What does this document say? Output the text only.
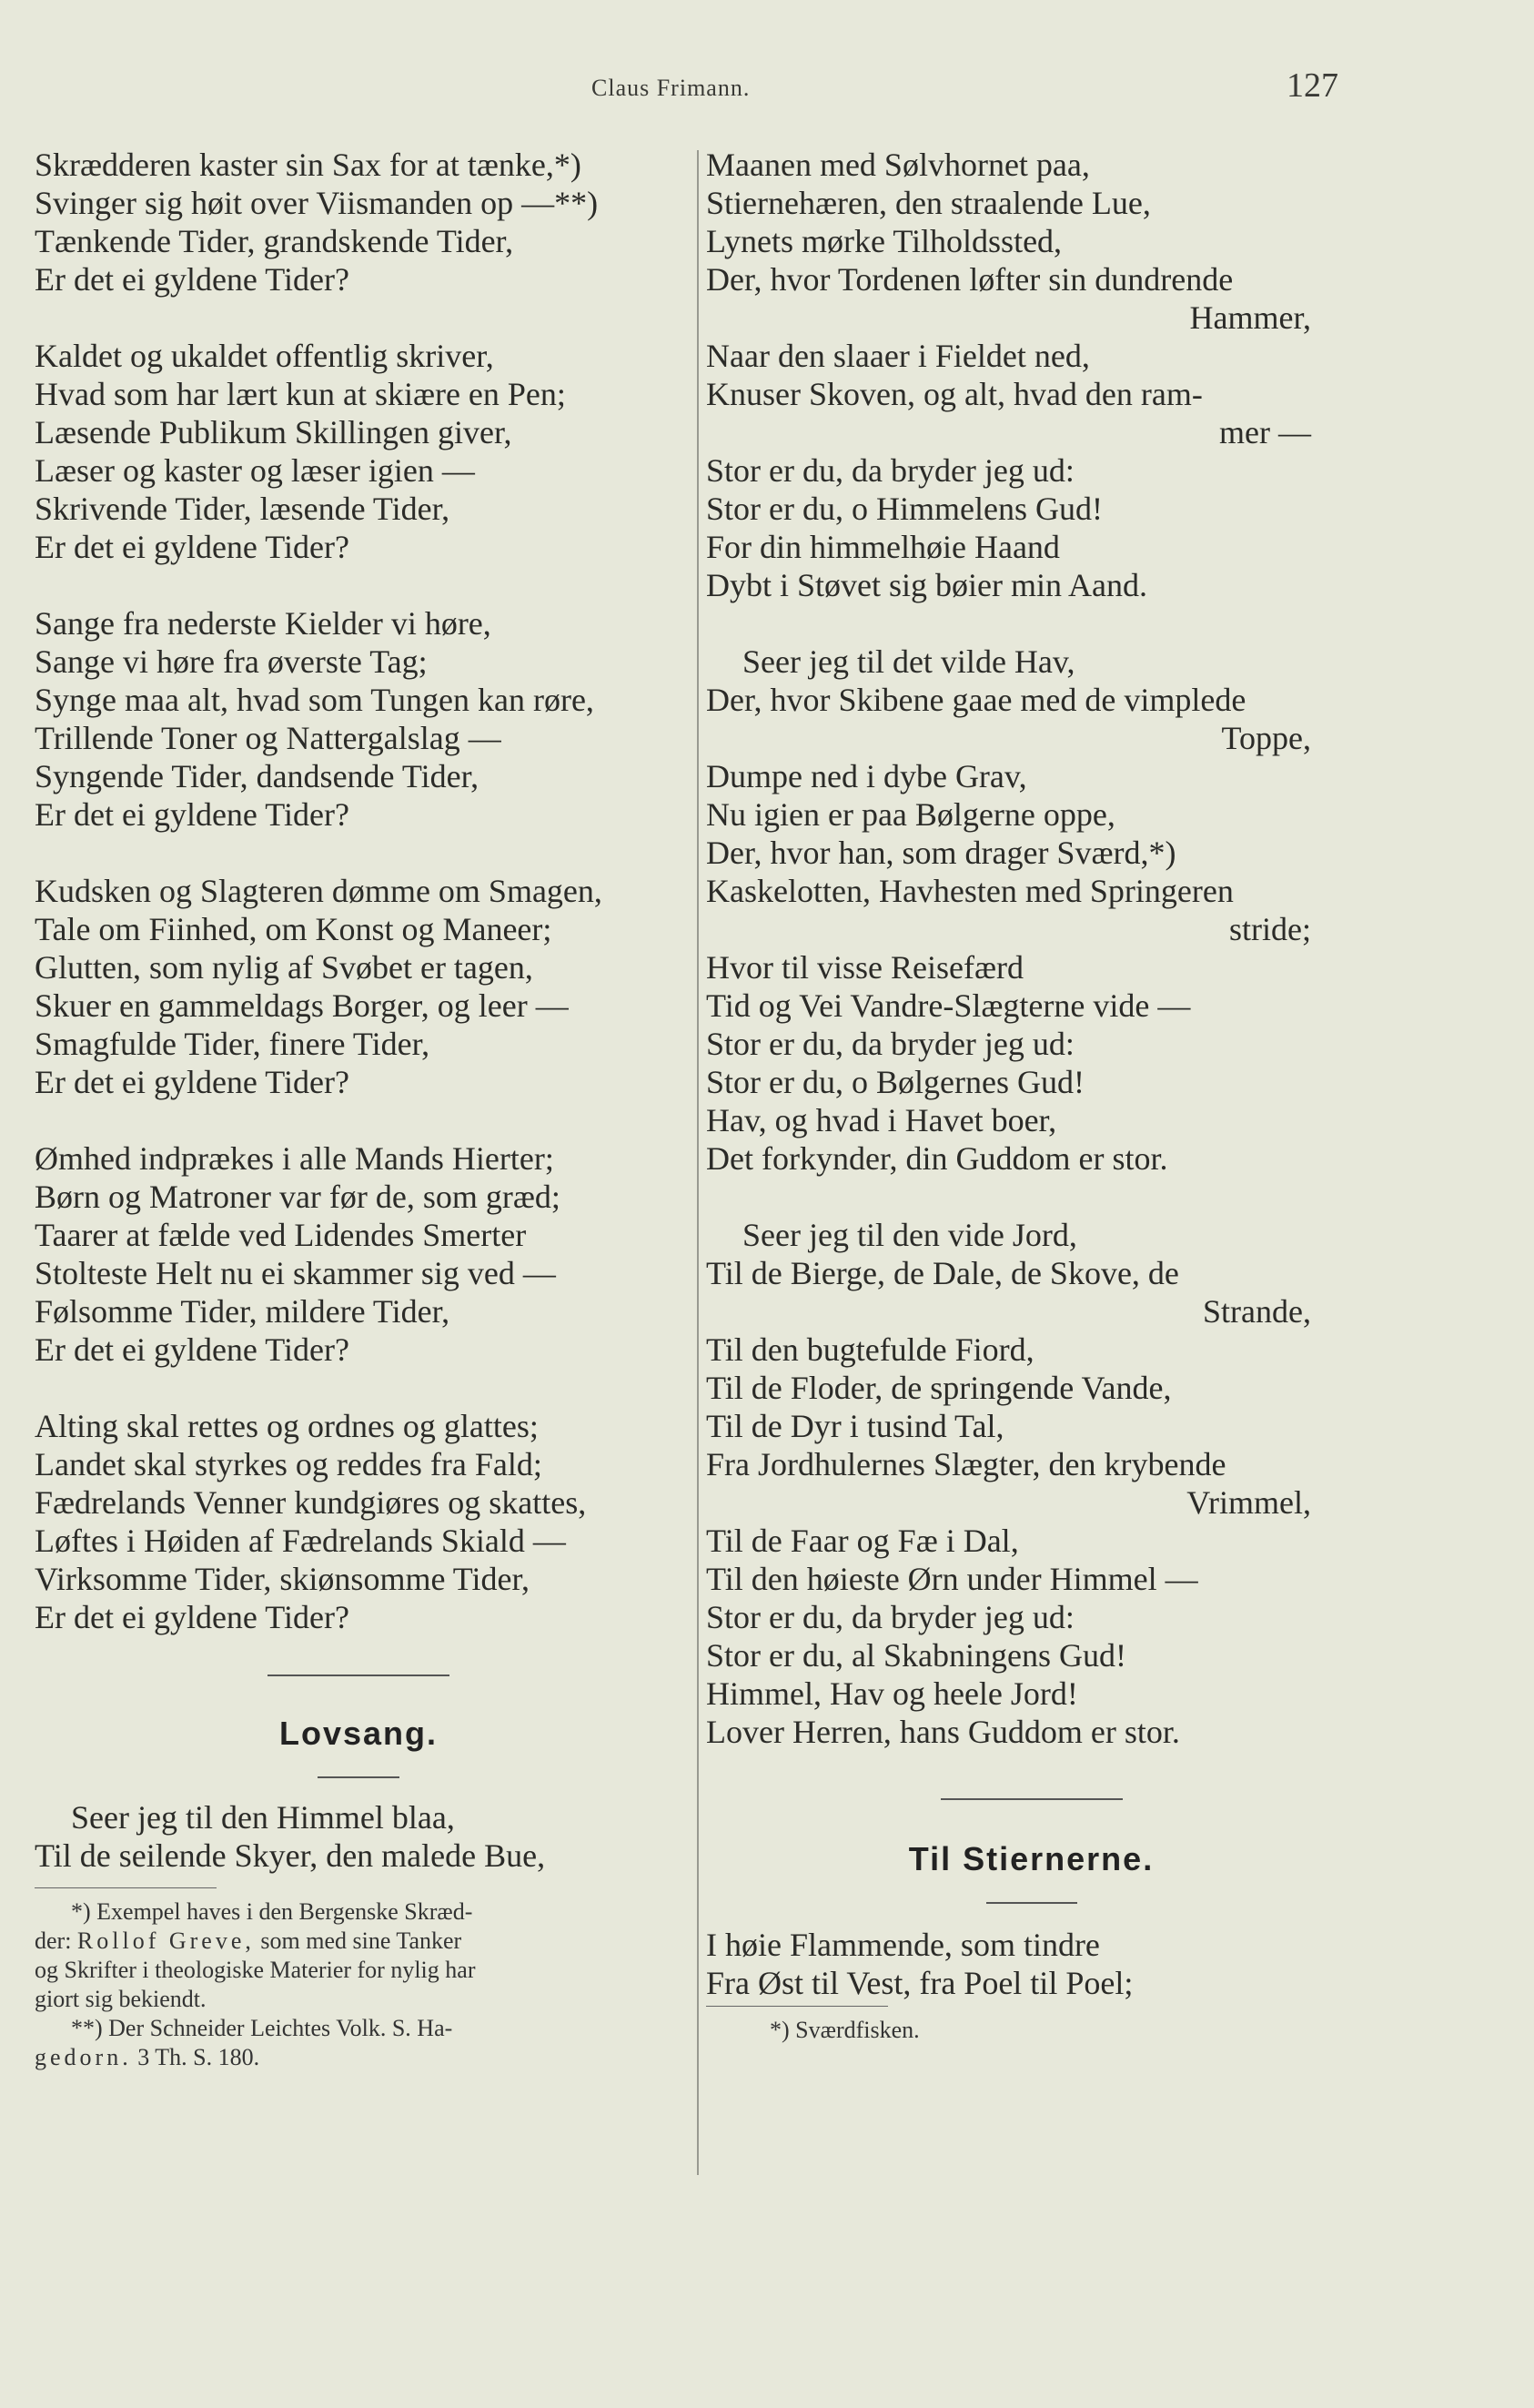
Claus Frimann.	127
Skrædderen kaster sin Sax for at tænke,*)
Svinger sig høit over Viismanden op —**)
Tænkende Tider, grandskende Tider,
Er det ei gyldene Tider?
Kaldet og ukaldet offentlig skriver,
Hvad som har lært kun at skiære en Pen;
Læsende Publikum Skillingen giver,
Læser og kaster og læser igien —
Skrivende Tider, læsende Tider,
Er det ei gyldene Tider?
Sange fra nederste Kielder vi høre,
Sange vi høre fra øverste Tag;
Synge maa alt, hvad som Tungen kan røre,
Trillende Toner og Nattergalslag —
Syngende Tider, dandsende Tider,
Er det ei gyldene Tider?
Kudsken og Slagteren dømme om Smagen,
Tale om Fiinhed, om Konst og Maneer;
Glutten, som nylig af Svøbet er tagen,
Skuer en gammeldags Borger, og leer —
Smagfulde Tider, finere Tider,
Er det ei gyldene Tider?
Ømhed indprækes i alle Mands Hierter;
Børn og Matroner var før de, som græd;
Taarer at fælde ved Lidendes Smerter
Stolteste Helt nu ei skammer sig ved —
Følsomme Tider, mildere Tider,
Er det ei gyldene Tider?
Alting skal rettes og ordnes og glattes;
Landet skal styrkes og reddes fra Fald;
Fædrelands Venner kundgiøres og skattes,
Løftes i Høiden af Fædrelands Skiald —
Virksomme Tider, skiønsomme Tider,
Er det ei gyldene Tider?
Lovsang.
Seer jeg til den Himmel blaa,
Til de seilende Skyer, den malede Bue,
*) Exempel haves i den Bergenske Skræd-
der: Rollof Greve, som med sine Tanker
og Skrifter i theologiske Materier for nylig har
giort sig bekiendt.
**) Der Schneider Leichtes Volk. S. Ha-
gedorn. 3 Th. S. 180.
Maanen med Sølvhornet paa,
Stiernehæren, den straalende Lue,
Lynets mørke Tilholdssted,
Der, hvor Tordenen løfter sin dundrende
Hammer,
Naar den slaaer i Fieldet ned,
Knuser Skoven, og alt, hvad den ram-
mer —
Stor er du, da bryder jeg ud:
Stor er du, o Himmelens Gud!
For din himmelhøie Haand
Dybt i Støvet sig bøier min Aand.
Seer jeg til det vilde Hav,
Der, hvor Skibene gaae med de vimplede
Toppe,
Dumpe ned i dybe Grav,
Nu igien er paa Bølgerne oppe,
Der, hvor han, som drager Sværd,*)
Kaskelotten, Havhesten med Springeren
stride;
Hvor til visse Reisefærd
Tid og Vei Vandre-Slægterne vide —
Stor er du, da bryder jeg ud:
Stor er du, o Bølgernes Gud!
Hav, og hvad i Havet boer,
Det forkynder, din Guddom er stor.
Seer jeg til den vide Jord,
Til de Bierge, de Dale, de Skove, de
Strande,
Til den bugtefulde Fiord,
Til de Floder, de springende Vande,
Til de Dyr i tusind Tal,
Fra Jordhulernes Slægter, den krybende
Vrimmel,
Til de Faar og Fæ i Dal,
Til den høieste Ørn under Himmel —
Stor er du, da bryder jeg ud:
Stor er du, al Skabningens Gud!
Himmel, Hav og heele Jord!
Lover Herren, hans Guddom er stor.
Til Stiernerne.
I høie Flammende, som tindre
Fra Øst til Vest, fra Poel til Poel;
*) Sværdfisken.
